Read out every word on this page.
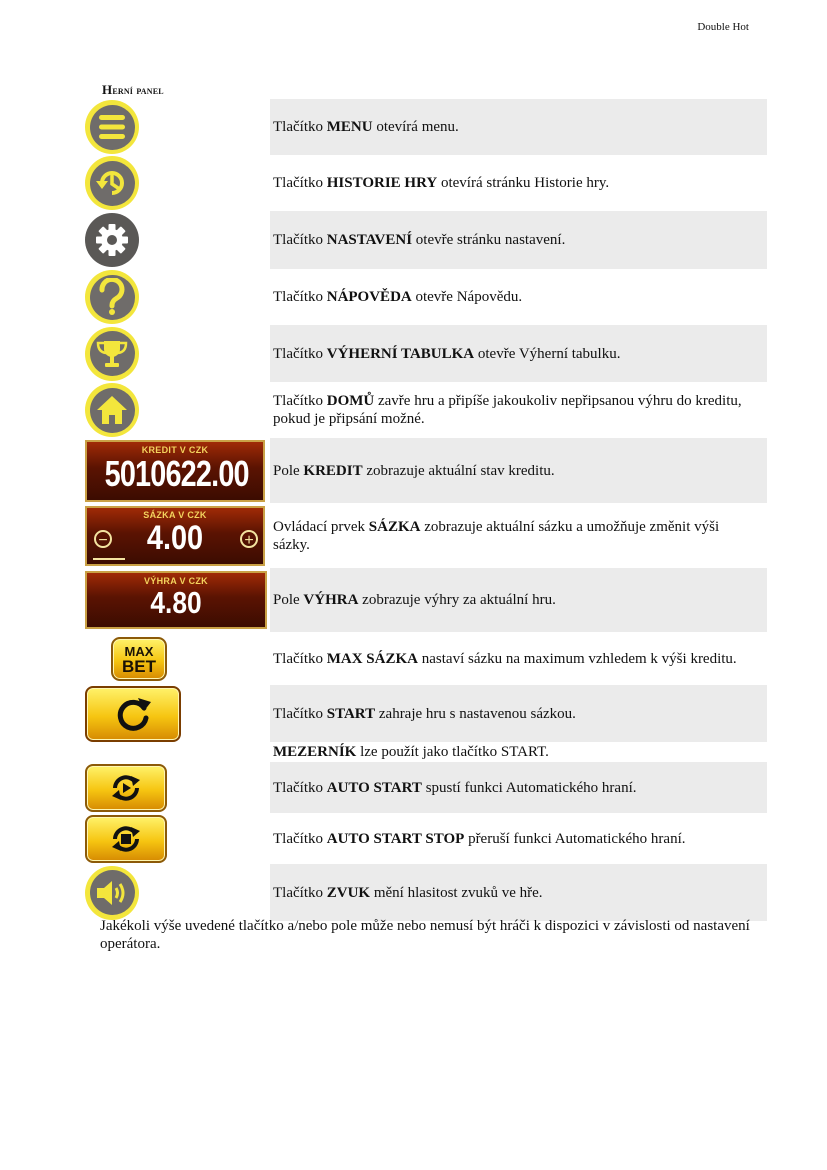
Double Hot
Herní panel
	Tlačítko MENU otevírá menu.

	Tlačítko HISTORIE HRY otevírá stránku Historie hry.

	Tlačítko NASTAVENÍ otevře stránku nastavení.

	Tlačítko NÁPOVĚDA otevře Nápovědu.

	Tlačítko VÝHERNÍ TABULKA otevře Výherní tabulku.

	Tlačítko DOMŮ zavře hru a připíše jakoukoliv nepřipsanou výhru do kreditu, pokud je připsání možné.

KREDIT V CZK
5010622.00	Pole KREDIT zobrazuje aktuální stav kreditu.

SÁZKA V CZK
4.00
− +	Ovládací prvek SÁZKA zobrazuje aktuální sázku a umožňuje změnit výši sázky.

VÝHRA V CZK
4.80	Pole VÝHRA zobrazuje výhry za aktuální hru.

MAX
BET	Tlačítko MAX SÁZKA nastaví sázku na maximum vzhledem k výši kreditu.

	Tlačítko START zahraje hru s nastavenou sázkou.
	MEZERNÍK lze použít jako tlačítko START.

	Tlačítko AUTO START spustí funkci Automatického hraní.

	Tlačítko AUTO START STOP přeruší funkci Automatického hraní.

	Tlačítko ZVUK mění hlasitost zvuků ve hře.
Jakékoli výše uvedené tlačítko a/nebo pole může nebo nemusí být hráči k dispozici v závislosti od nastavení operátora.
